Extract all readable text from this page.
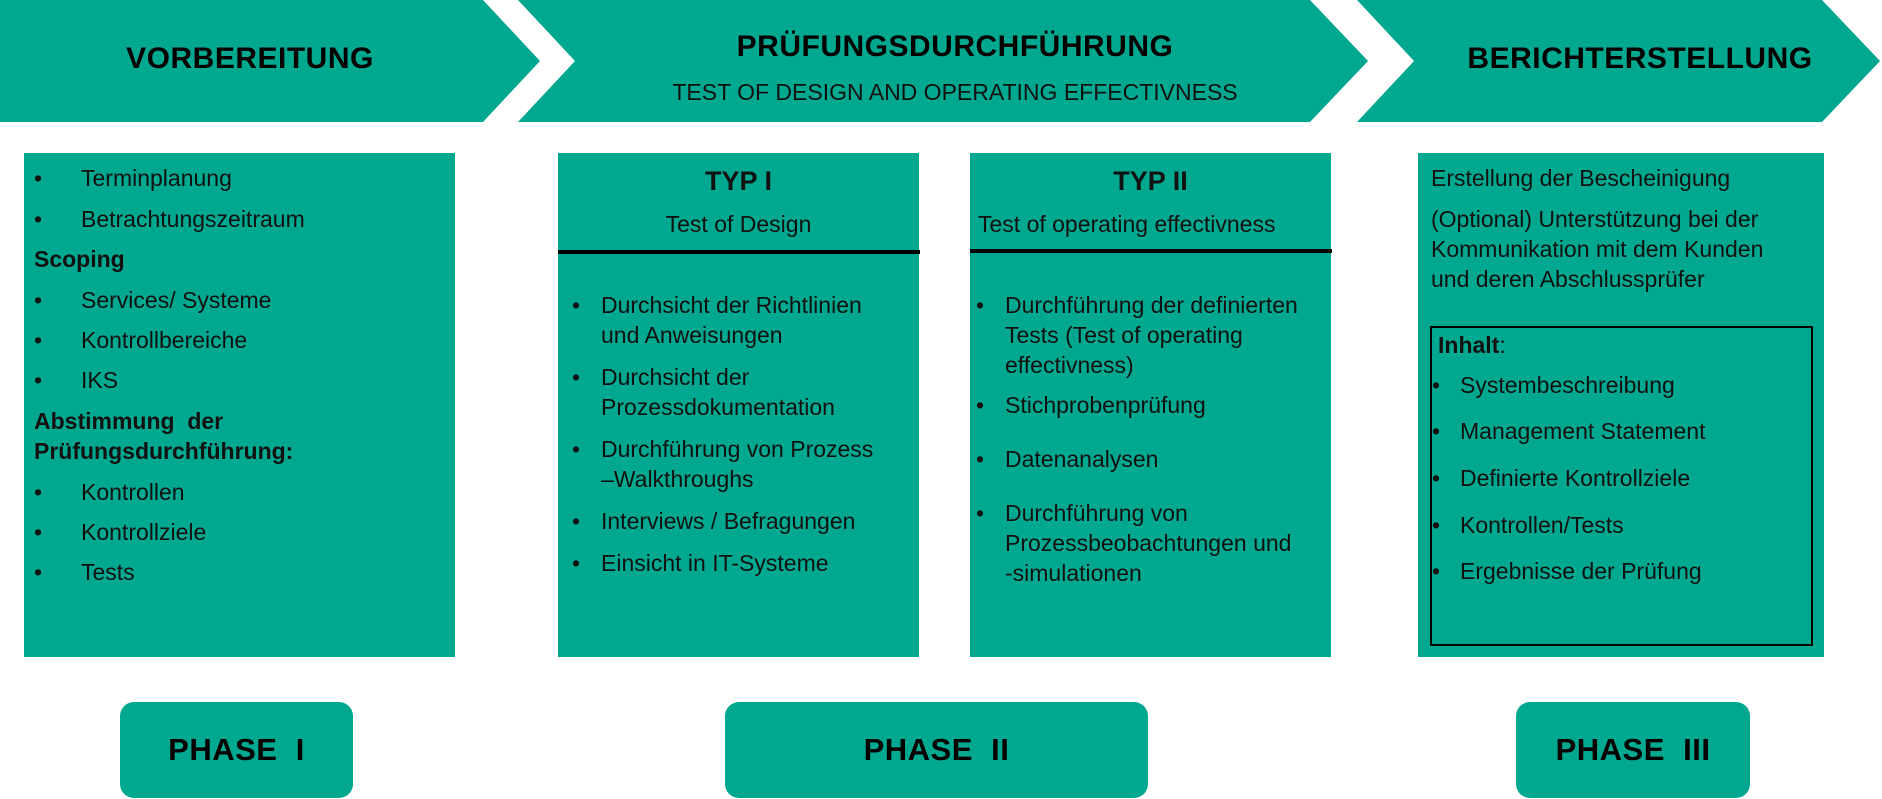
VORBEREITUNG	PRÜFUNGSDURCHFÜHRUNG
TEST OF DESIGN AND OPERATING EFFECTIVNESS
BERICHTERSTELLUNG
• Terminplanung
• Betrachtungszeitraum
Scoping
• Services/ Systeme
• Kontrollbereiche
• IKS
Abstimmung  der
Prüfungsdurchführung:
• Kontrollen
• Kontrollziele
• Tests
TYP I
Test of Design
• Durchsicht der Richtlinien
und Anweisungen
• Durchsicht der
Prozessdokumentation
• Durchführung von Prozess
–Walkthroughs
• Interviews / Befragungen
• Einsicht in IT-Systeme
TYP II
Test of operating effectivness
• Durchführung der definierten
Tests (Test of operating
effectivness)
• Stichprobenprüfung
• Datenanalysen
• Durchführung von
Prozessbeobachtungen und
-simulationen
Erstellung der Bescheinigung
(Optional) Unterstützung bei der
Kommunikation mit dem Kunden
und deren Abschlussprüfer
Inhalt:
• Systembeschreibung
• Management Statement
• Definierte Kontrollziele
• Kontrollen/Tests
• Ergebnisse der Prüfung
PHASE  I	PHASE  II	PHASE  III
